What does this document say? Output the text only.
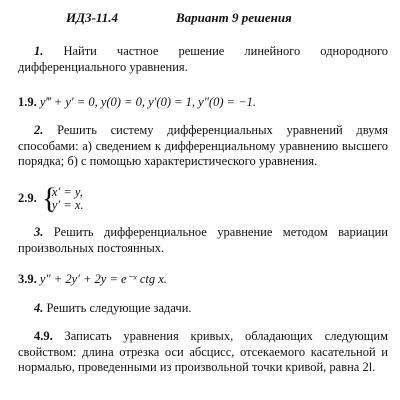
ИДЗ-11.4	Вариант 9 решения
1. Найти частное решение линейного однородного дифференциального уравнения.
1.9. y‴ + y′ = 0, y(0) = 0, y′(0) = 1, y″(0) = −1.
2. Решить систему дифференциальных уравнений двумя способами: а) сведением к дифференциальному уравнению высшего порядка; б) с помощью характеристического уравнения.
2.9. {
x′ = y,
y′ = x.
3. Решить дифференциальное уравнение методом вариации произвольных постоянных.
3.9. y″ + 2y′ + 2y = e⁻ˣ ctg x.
4. Решить следующие задачи.
4.9. Записать уравнения кривых, обладающих следующим свойством: длина отрезка оси абсцисс, отсекаемого касательной и нормалью, проведенными из произвольной точки кривой, равна 2l.
